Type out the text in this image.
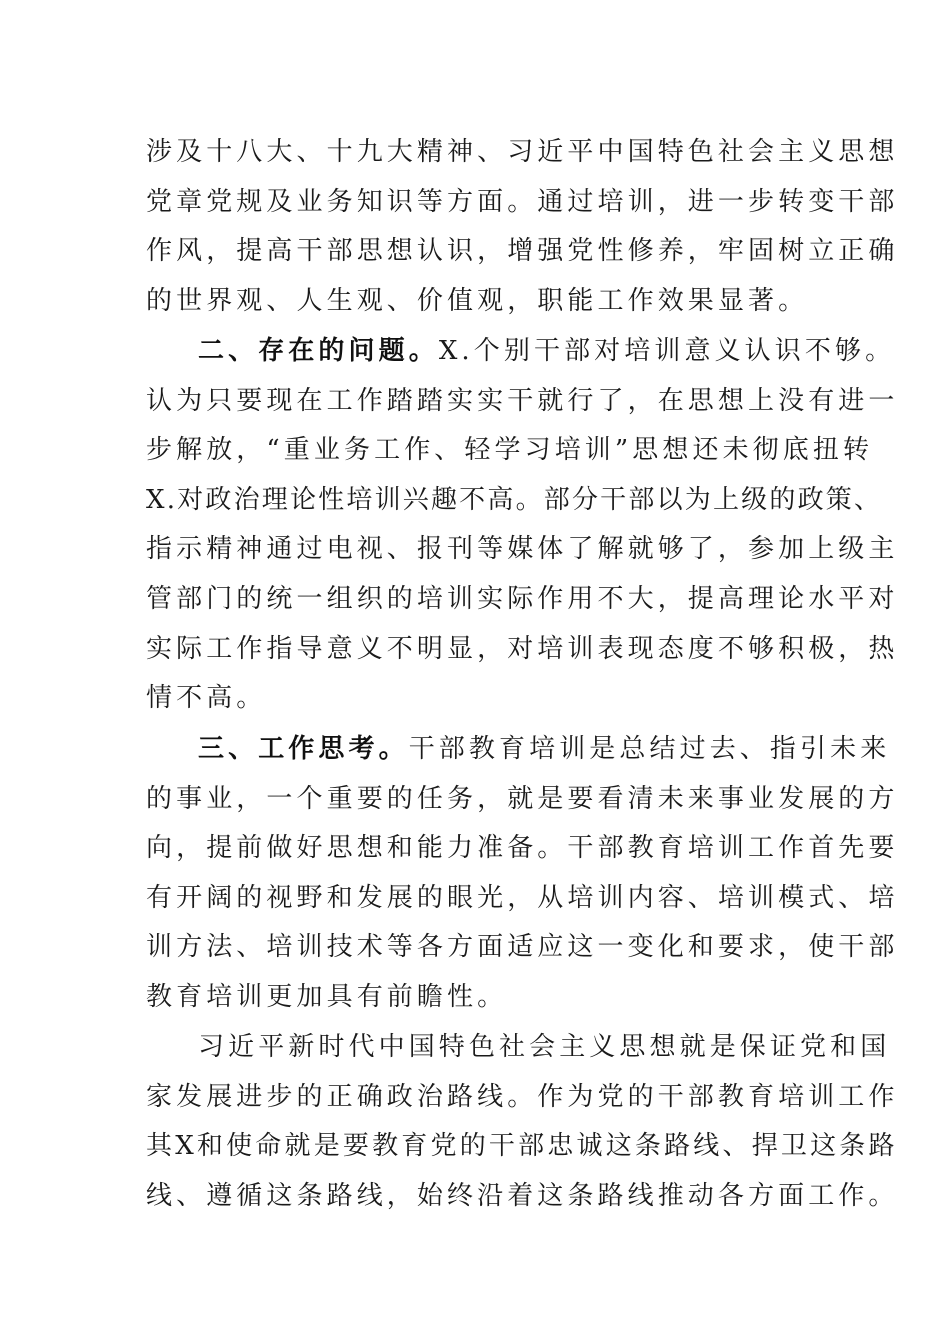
涉及十八大、十九大精神、习近平中国特色社会主义思想
党章党规及业务知识等方面。通过培训，进一步转变干部
作风，提高干部思想认识，增强党性修养，牢固树立正确
的世界观、人生观、价值观，职能工作效果显著。
二、存在的问题。X.个别干部对培训意义认识不够。
认为只要现在工作踏踏实实干就行了，在思想上没有进一
步解放，“重业务工作、轻学习培训”思想还未彻底扭转
X.对政治理论性培训兴趣不高。部分干部以为上级的政策、
指示精神通过电视、报刊等媒体了解就够了，参加上级主
管部门的统一组织的培训实际作用不大，提高理论水平对
实际工作指导意义不明显，对培训表现态度不够积极，热
情不高。
三、工作思考。干部教育培训是总结过去、指引未来
的事业，一个重要的任务，就是要看清未来事业发展的方
向，提前做好思想和能力准备。干部教育培训工作首先要
有开阔的视野和发展的眼光，从培训内容、培训模式、培
训方法、培训技术等各方面适应这一变化和要求，使干部
教育培训更加具有前瞻性。
习近平新时代中国特色社会主义思想就是保证党和国
家发展进步的正确政治路线。作为党的干部教育培训工作
其X和使命就是要教育党的干部忠诚这条路线、捍卫这条路
线、遵循这条路线，始终沿着这条路线推动各方面工作。
